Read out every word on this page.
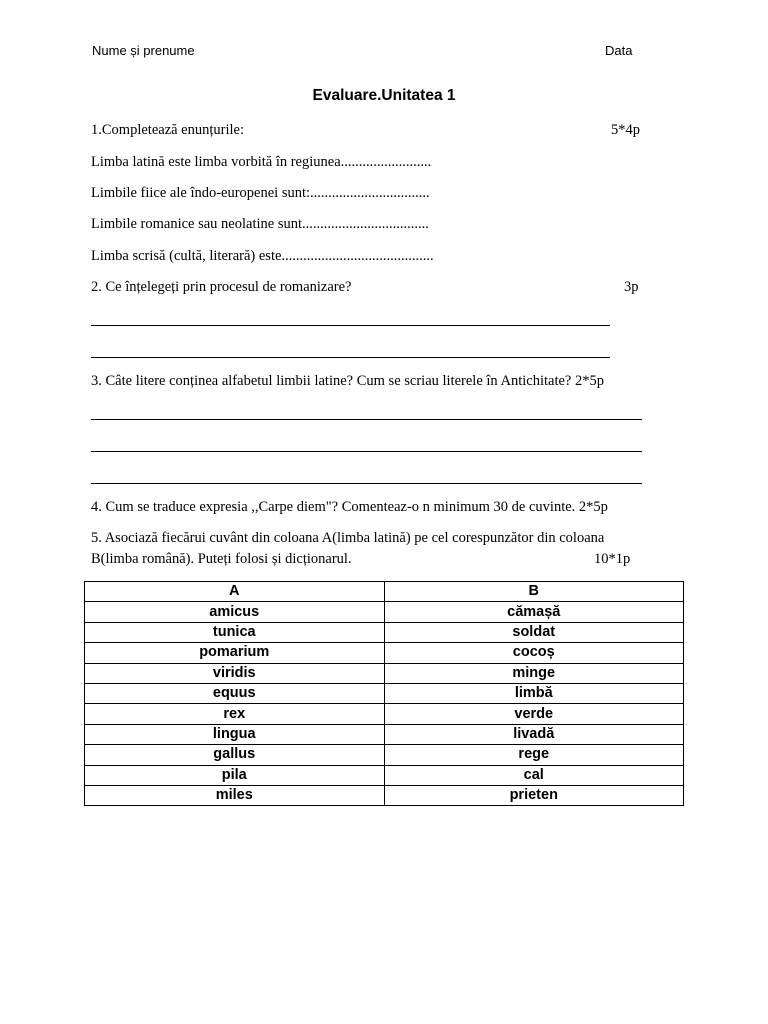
Nume și prenume	Data
Evaluare.Unitatea 1
1.Completează enunțurile:	5*4p
Limba latină este limba vorbită în regiunea.........................
Limbile fiice ale îndo-europenei sunt:.................................
Limbile romanice sau neolatine sunt...................................
Limba scrisă (cultă, literară) este..........................................
2. Ce înțelegeți prin procesul de romanizare?	3p
3. Câte litere conținea alfabetul limbii latine? Cum se scriau literele în Antichitate? 2*5p
4. Cum se traduce expresia ,,Carpe diem"? Comenteaz-o n minimum 30 de cuvinte. 2*5p
5. Asociază fiecărui cuvânt din coloana A(limba latină) pe cel corespunzător din coloana
B(limba română). Puteți folosi și dicționarul.	10*1p
A	B
amicus	cămașă
tunica	soldat
pomarium	cocoș
viridis	minge
equus	limbă
rex	verde
lingua	livadă
gallus	rege
pila	cal
miles	prieten
